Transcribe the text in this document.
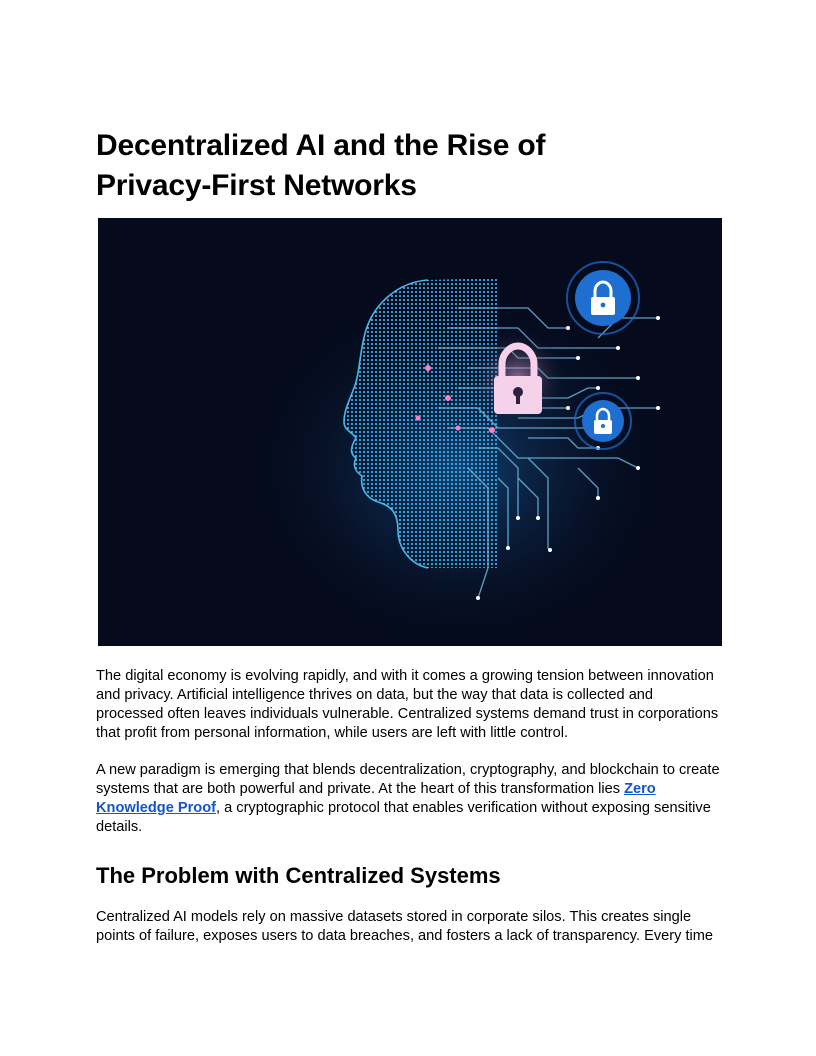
Decentralized AI and the Rise of
Privacy-First Networks

The digital economy is evolving rapidly, and with it comes a growing tension between innovation and privacy. Artificial intelligence thrives on data, but the way that data is collected and processed often leaves individuals vulnerable. Centralized systems demand trust in corporations that profit from personal information, while users are left with little control.

A new paradigm is emerging that blends decentralization, cryptography, and blockchain to create systems that are both powerful and private. At the heart of this transformation lies Zero Knowledge Proof, a cryptographic protocol that enables verification without exposing sensitive details.

The Problem with Centralized Systems

Centralized AI models rely on massive datasets stored in corporate silos. This creates single points of failure, exposes users to data breaches, and fosters a lack of transparency. Every time
